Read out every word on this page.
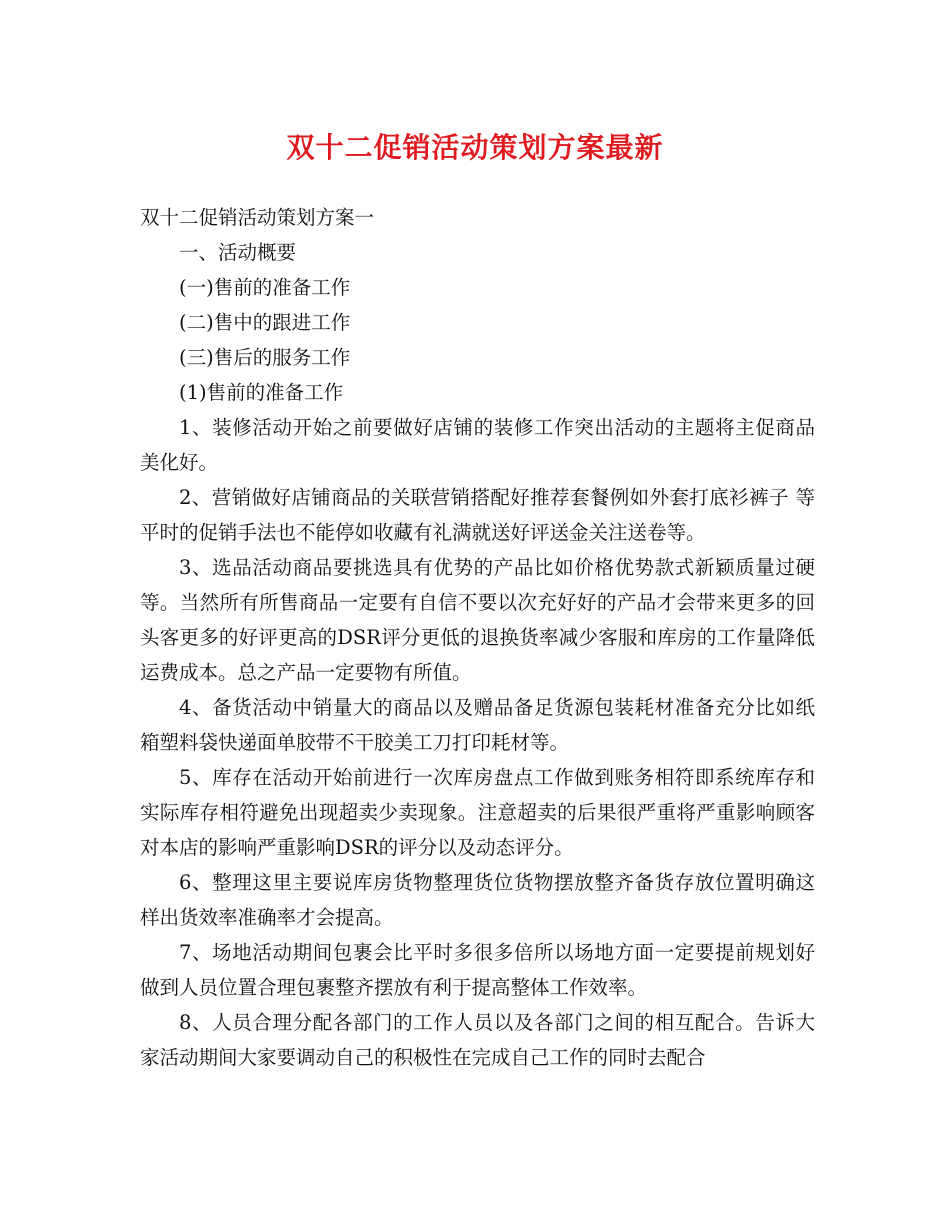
双十二促销活动策划方案最新

双十二促销活动策划方案一

一、活动概要

(一)售前的准备工作

(二)售中的跟进工作

(三)售后的服务工作

(1)售前的准备工作

1、装修活动开始之前要做好店铺的装修工作突出活动的主题将主促商品美化好。

2、营销做好店铺商品的关联营销搭配好推荐套餐例如外套打底衫裤子 等平时的促销手法也不能停如收藏有礼满就送好评送金关注送卷等。

3、选品活动商品要挑选具有优势的产品比如价格优势款式新颖质量过硬等。当然所有所售商品一定要有自信不要以次充好好的产品才会带来更多的回头客更多的好评更高的DSR评分更低的退换货率减少客服和库房的工作量降低运费成本。总之产品一定要物有所值。

4、备货活动中销量大的商品以及赠品备足货源包装耗材准备充分比如纸箱塑料袋快递面单胶带不干胶美工刀打印耗材等。

5、库存在活动开始前进行一次库房盘点工作做到账务相符即系统库存和实际库存相符避免出现超卖少卖现象。注意超卖的后果很严重将严重影响顾客对本店的影响严重影响DSR的评分以及动态评分。

6、整理这里主要说库房货物整理货位货物摆放整齐备货存放位置明确这样出货效率准确率才会提高。

7、场地活动期间包裹会比平时多很多倍所以场地方面一定要提前规划好做到人员位置合理包裹整齐摆放有利于提高整体工作效率。

8、人员合理分配各部门的工作人员以及各部门之间的相互配合。告诉大家活动期间大家要调动自己的积极性在完成自己工作的同时去配合
